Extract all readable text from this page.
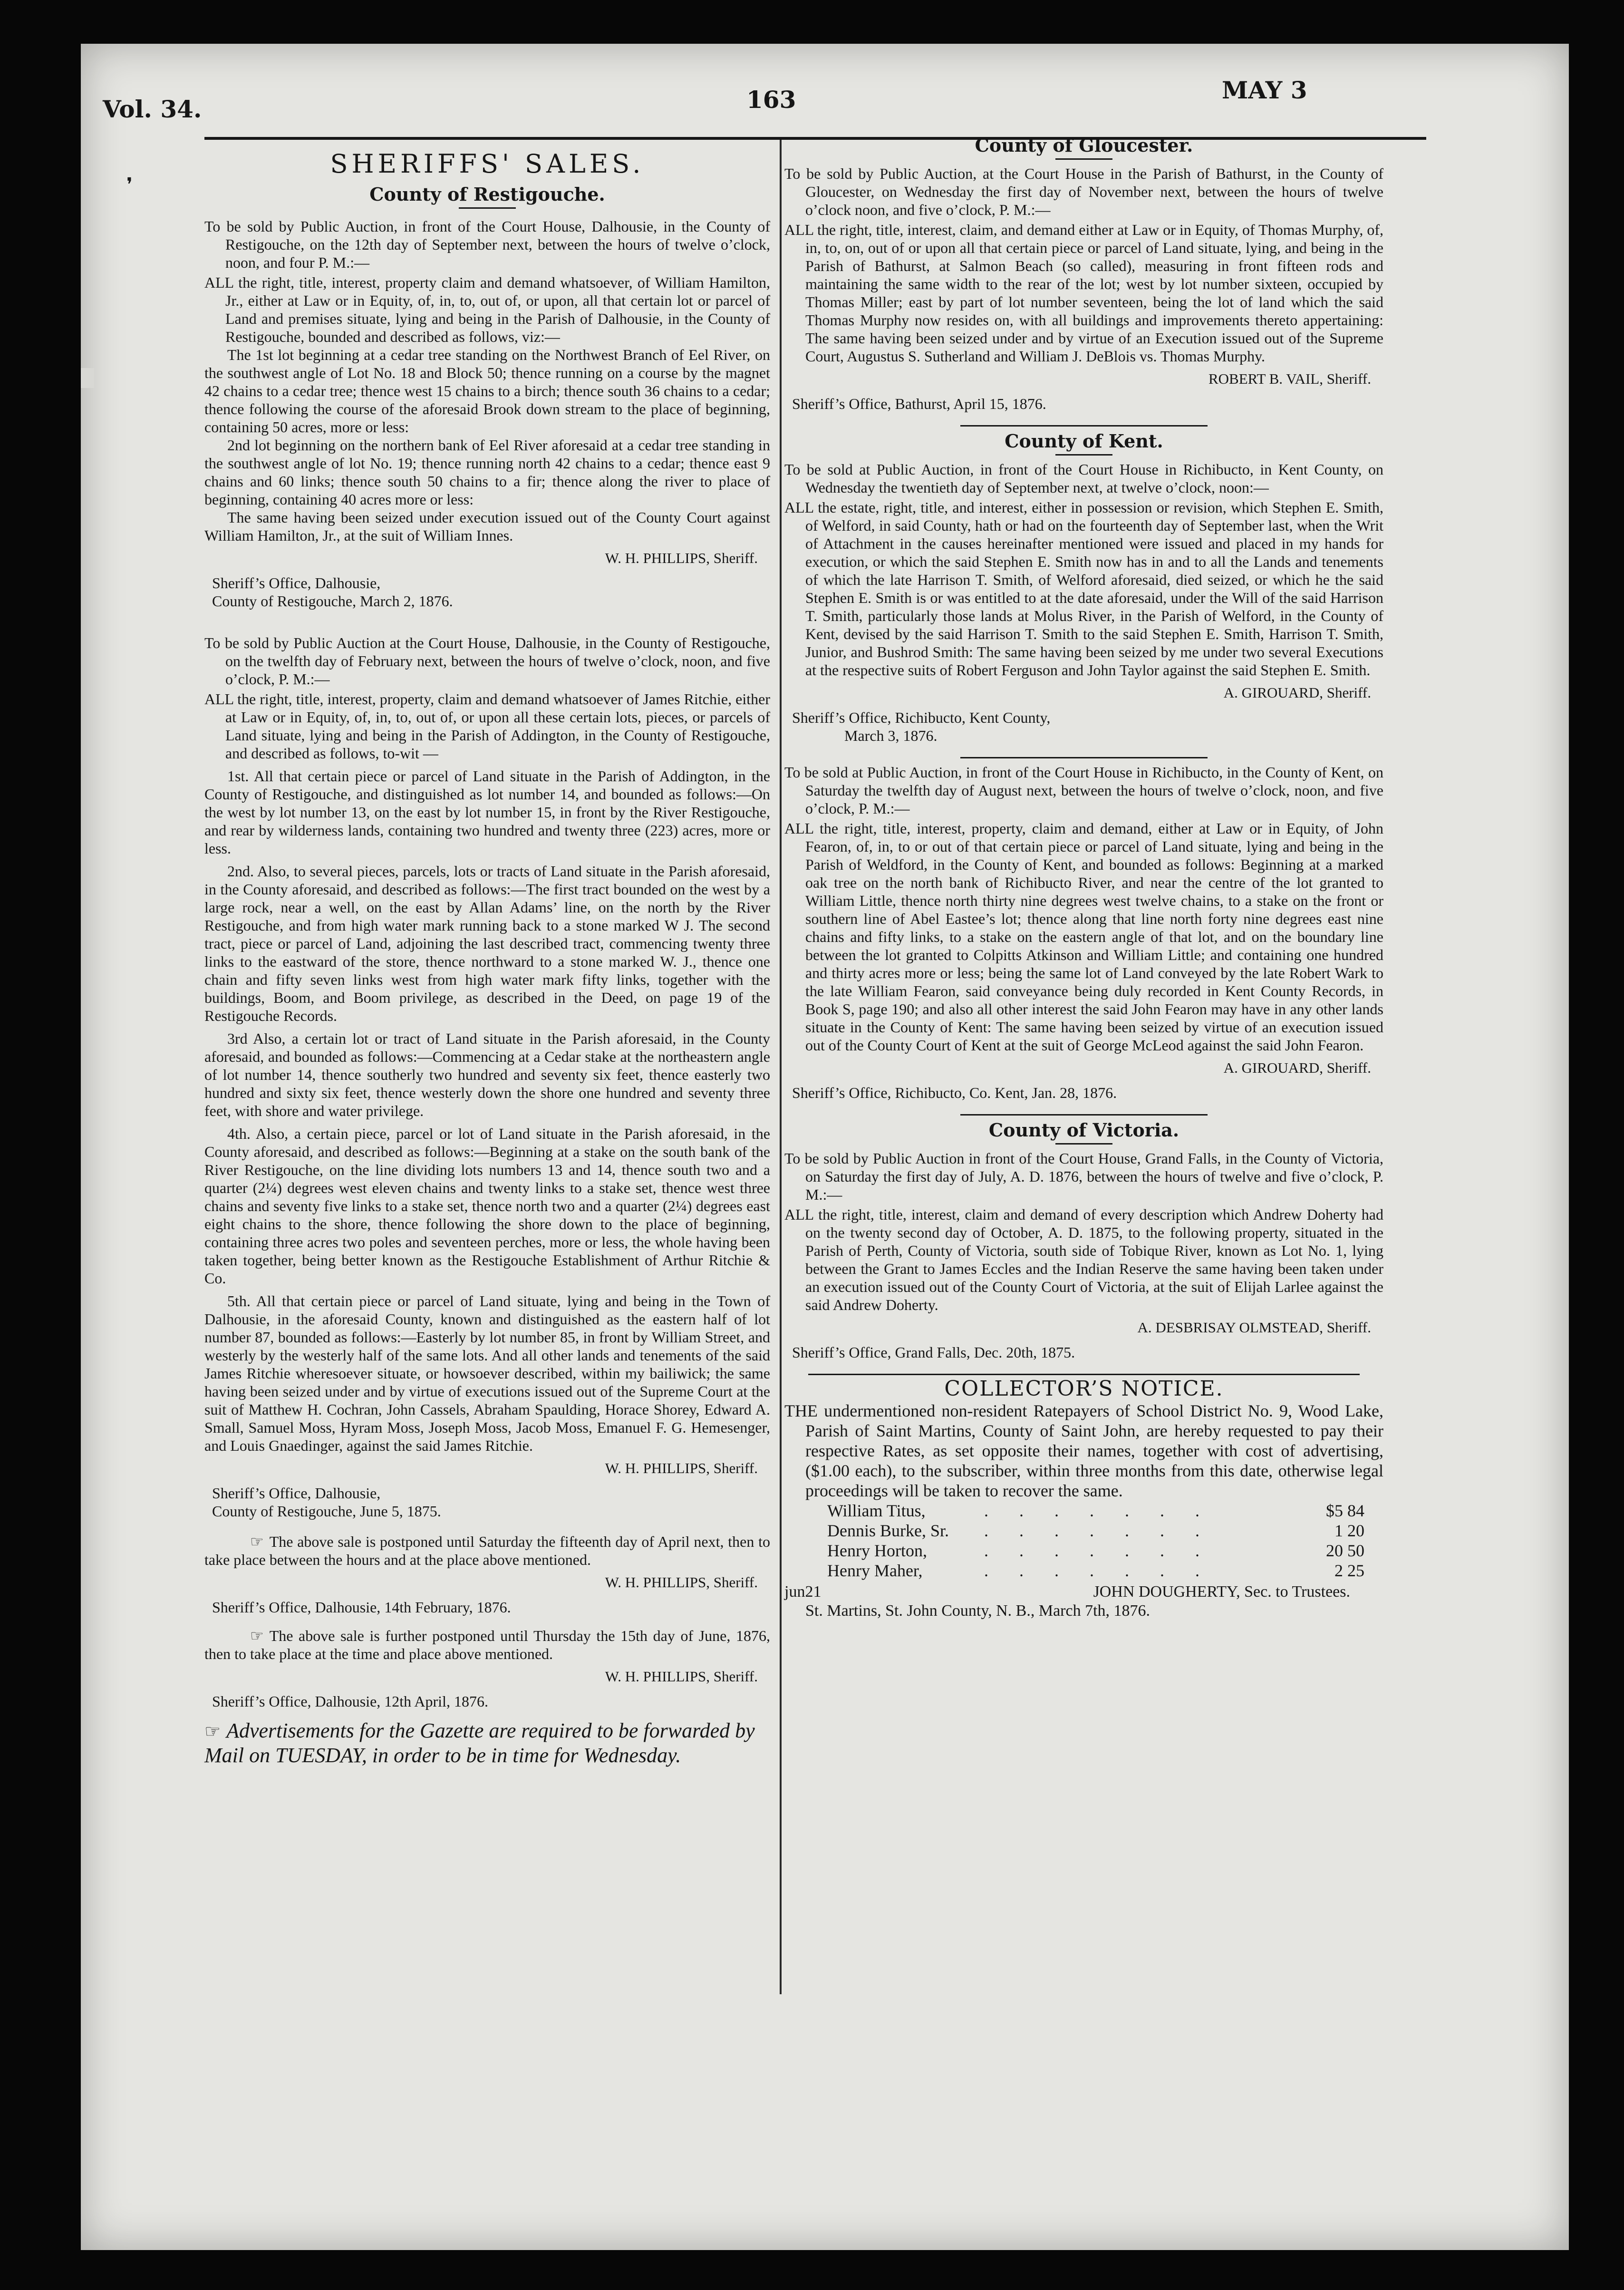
Vol. 34.	163	MAY 3
❜
SHERIFFS' SALES.
County of Restigouche.

To be sold by Public Auction, in front of the Court House, Dalhousie, in the County of Restigouche, on the 12th day of September next, between the hours of twelve o’clock, noon, and four P. M.:—

ALL the right, title, interest, property claim and demand whatsoever, of William Hamilton, Jr., either at Law or in Equity, of, in, to, out of, or upon, all that certain lot or parcel of Land and premises situate, lying and being in the Parish of Dalhousie, in the County of Restigouche, bounded and described as follows, viz:—

The 1st lot beginning at a cedar tree standing on the Northwest Branch of Eel River, on the southwest angle of Lot No. 18 and Block 50; thence running on a course by the magnet 42 chains to a cedar tree; thence west 15 chains to a birch; thence south 36 chains to a cedar; thence following the course of the aforesaid Brook down stream to the place of beginning, containing 50 acres, more or less:

2nd lot beginning on the northern bank of Eel River aforesaid at a cedar tree standing in the southwest angle of lot No. 19; thence running north 42 chains to a cedar; thence east 9 chains and 60 links; thence south 50 chains to a fir; thence along the river to place of beginning, containing 40 acres more or less:

The same having been seized under execution issued out of the County Court against William Hamilton, Jr., at the suit of William Innes.

W. H. PHILLIPS, Sheriff.
Sheriff’s Office, Dalhousie,
County of Restigouche, March 2, 1876.

To be sold by Public Auction at the Court House, Dalhousie, in the County of Restigouche, on the twelfth day of February next, between the hours of twelve o’clock, noon, and five o’clock, P. M.:—

ALL the right, title, interest, property, claim and demand whatsoever of James Ritchie, either at Law or in Equity, of, in, to, out of, or upon all these certain lots, pieces, or parcels of Land situate, lying and being in the Parish of Addington, in the County of Restigouche, and described as follows, to-wit —

1st. All that certain piece or parcel of Land situate in the Parish of Addington, in the County of Restigouche, and distinguished as lot number 14, and bounded as follows:—On the west by lot number 13, on the east by lot number 15, in front by the River Restigouche, and rear by wilderness lands, containing two hundred and twenty three (223) acres, more or less.

2nd. Also, to several pieces, parcels, lots or tracts of Land situate in the Parish aforesaid, in the County aforesaid, and described as follows:—The first tract bounded on the west by a large rock, near a well, on the east by Allan Adams’ line, on the north by the River Restigouche, and from high water mark running back to a stone marked W J. The second tract, piece or parcel of Land, adjoining the last described tract, commencing twenty three links to the eastward of the store, thence northward to a stone marked W. J., thence one chain and fifty seven links west from high water mark fifty links, together with the buildings, Boom, and Boom privilege, as described in the Deed, on page 19 of the Restigouche Records.

3rd Also, a certain lot or tract of Land situate in the Parish aforesaid, in the County aforesaid, and bounded as follows:—Commencing at a Cedar stake at the northeastern angle of lot number 14, thence southerly two hundred and seventy six feet, thence easterly two hundred and sixty six feet, thence westerly down the shore one hundred and seventy three feet, with shore and water privilege.

4th. Also, a certain piece, parcel or lot of Land situate in the Parish aforesaid, in the County aforesaid, and described as follows:—Beginning at a stake on the south bank of the River Restigouche, on the line dividing lots numbers 13 and 14, thence south two and a quarter (2¼) degrees west eleven chains and twenty links to a stake set, thence west three chains and seventy five links to a stake set, thence north two and a quarter (2¼) degrees east eight chains to the shore, thence following the shore down to the place of beginning, containing three acres two poles and seventeen perches, more or less, the whole having been taken together, being better known as the Restigouche Establishment of Arthur Ritchie & Co.

5th. All that certain piece or parcel of Land situate, lying and being in the Town of Dalhousie, in the aforesaid County, known and distinguished as the eastern half of lot number 87, bounded as follows:—Easterly by lot number 85, in front by William Street, and westerly by the westerly half of the same lots. And all other lands and tenements of the said James Ritchie wheresoever situate, or howsoever described, within my bailiwick; the same having been seized under and by virtue of executions issued out of the Supreme Court at the suit of Matthew H. Cochran, John Cassels, Abraham Spaulding, Horace Shorey, Edward A. Small, Samuel Moss, Hyram Moss, Joseph Moss, Jacob Moss, Emanuel F. G. Hemesenger, and Louis Gnaedinger, against the said James Ritchie.

W. H. PHILLIPS, Sheriff.
Sheriff’s Office, Dalhousie,
County of Restigouche, June 5, 1875.

☞ The above sale is postponed until Saturday the fifteenth day of April next, then to take place between the hours and at the place above mentioned.

W. H. PHILLIPS, Sheriff.
Sheriff’s Office, Dalhousie, 14th February, 1876.

☞ The above sale is further postponed until Thursday the 15th day of June, 1876, then to take place at the time and place above mentioned.

W. H. PHILLIPS, Sheriff.
Sheriff’s Office, Dalhousie, 12th April, 1876.
☞ Advertisements for the Gazette are required to be forwarded by Mail on TUESDAY, in order to be in time for Wednesday.
County of Gloucester.

To be sold by Public Auction, at the Court House in the Parish of Bathurst, in the County of Gloucester, on Wednesday the first day of November next, between the hours of twelve o’clock noon, and five o’clock, P. M.:—

ALL the right, title, interest, claim, and demand either at Law or in Equity, of Thomas Murphy, of, in, to, on, out of or upon all that certain piece or parcel of Land situate, lying, and being in the Parish of Bathurst, at Salmon Beach (so called), measuring in front fifteen rods and maintaining the same width to the rear of the lot; west by lot number sixteen, occupied by Thomas Miller; east by part of lot number seventeen, being the lot of land which the said Thomas Murphy now resides on, with all buildings and improvements thereto appertaining: The same having been seized under and by virtue of an Execution issued out of the Supreme Court, Augustus S. Sutherland and William J. DeBlois vs. Thomas Murphy.

ROBERT B. VAIL, Sheriff.
Sheriff’s Office, Bathurst, April 15, 1876.
County of Kent.

To be sold at Public Auction, in front of the Court House in Richibucto, in Kent County, on Wednesday the twentieth day of September next, at twelve o’clock, noon:—

ALL the estate, right, title, and interest, either in possession or revision, which Stephen E. Smith, of Welford, in said County, hath or had on the fourteenth day of September last, when the Writ of Attachment in the causes hereinafter mentioned were issued and placed in my hands for execution, or which the said Stephen E. Smith now has in and to all the Lands and tenements of which the late Harrison T. Smith, of Welford aforesaid, died seized, or which he the said Stephen E. Smith is or was entitled to at the date aforesaid, under the Will of the said Harrison T. Smith, particularly those lands at Molus River, in the Parish of Welford, in the County of Kent, devised by the said Harrison T. Smith to the said Stephen E. Smith, Harrison T. Smith, Junior, and Bushrod Smith: The same having been seized by me under two several Executions at the respective suits of Robert Ferguson and John Taylor against the said Stephen E. Smith.

A. GIROUARD, Sheriff.
Sheriff’s Office, Richibucto, Kent County,
March 3, 1876.

To be sold at Public Auction, in front of the Court House in Richibucto, in the County of Kent, on Saturday the twelfth day of August next, between the hours of twelve o’clock, noon, and five o’clock, P. M.:—

ALL the right, title, interest, property, claim and demand, either at Law or in Equity, of John Fearon, of, in, to or out of that certain piece or parcel of Land situate, lying and being in the Parish of Weldford, in the County of Kent, and bounded as follows: Beginning at a marked oak tree on the north bank of Richibucto River, and near the centre of the lot granted to William Little, thence north thirty nine degrees west twelve chains, to a stake on the front or southern line of Abel Eastee’s lot; thence along that line north forty nine degrees east nine chains and fifty links, to a stake on the eastern angle of that lot, and on the boundary line between the lot granted to Colpitts Atkinson and William Little; and containing one hundred and thirty acres more or less; being the same lot of Land conveyed by the late Robert Wark to the late William Fearon, said conveyance being duly recorded in Kent County Records, in Book S, page 190; and also all other interest the said John Fearon may have in any other lands situate in the County of Kent: The same having been seized by virtue of an execution issued out of the County Court of Kent at the suit of George McLeod against the said John Fearon.

A. GIROUARD, Sheriff.
Sheriff’s Office, Richibucto, Co. Kent, Jan. 28, 1876.
County of Victoria.

To be sold by Public Auction in front of the Court House, Grand Falls, in the County of Victoria, on Saturday the first day of July, A. D. 1876, between the hours of twelve and five o’clock, P. M.:—

ALL the right, title, interest, claim and demand of every description which Andrew Doherty had on the twenty second day of October, A. D. 1875, to the following property, situated in the Parish of Perth, County of Victoria, south side of Tobique River, known as Lot No. 1, lying between the Grant to James Eccles and the Indian Reserve the same having been taken under an execution issued out of the County Court of Victoria, at the suit of Elijah Larlee against the said Andrew Doherty.

A. DESBRISAY OLMSTEAD, Sheriff.
Sheriff’s Office, Grand Falls, Dec. 20th, 1875.
COLLECTOR’S NOTICE.

THE undermentioned non-resident Ratepayers of School District No. 9, Wood Lake, Parish of Saint Martins, County of Saint John, are hereby requested to pay their respective Rates, as set opposite their names, together with cost of advertising, ($1.00 each), to the subscriber, within three months from this date, otherwise legal proceedings will be taken to recover the same.

William Titus,	. . . . . . .	$5 84
Dennis Burke, Sr.	. . . . . . .	1 20
Henry Horton,	. . . . . . .	20 50
Henry Maher,	. . . . . . .	2 25
jun21	JOHN DOUGHERTY, Sec. to Trustees.
St. Martins, St. John County, N. B., March 7th, 1876.
